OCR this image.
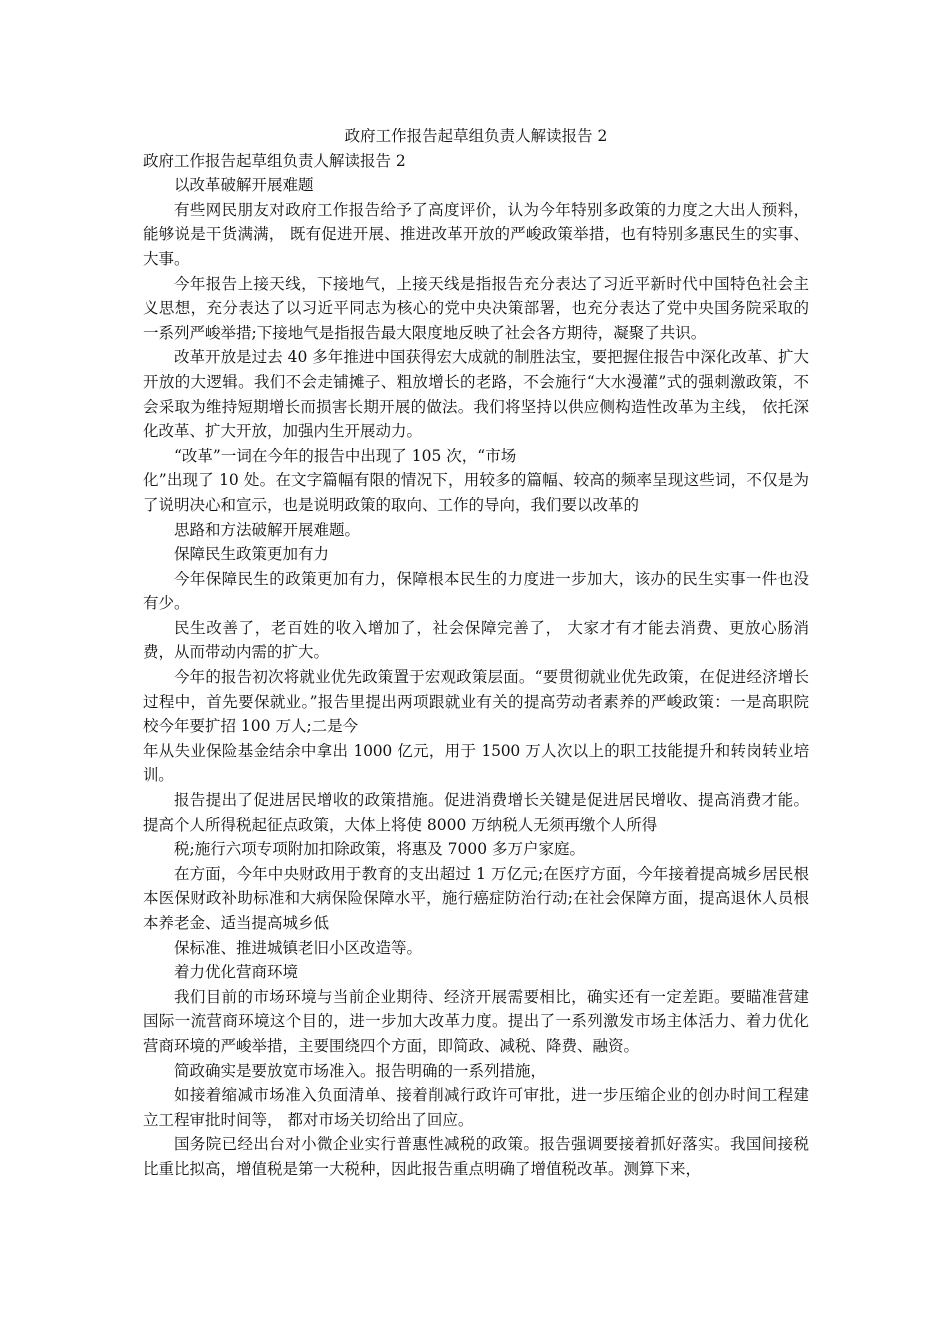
政府工作报告起草组负责人解读报告 2

政府工作报告起草组负责人解读报告 2

以改革破解开展难题

有些网民朋友对政府工作报告给予了高度评价，认为今年特别多政策的力度之大出人预料，能够说是干货满满， 既有促进开展、推进改革开放的严峻政策举措，也有特别多惠民生的实事、大事。

今年报告上接天线，下接地气，上接天线是指报告充分表达了习近平新时代中国特色社会主义思想，充分表达了以习近平同志为核心的党中央决策部署，也充分表达了党中央国务院采取的一系列严峻举措;下接地气是指报告最大限度地反映了社会各方期待，凝聚了共识。

改革开放是过去 40 多年推进中国获得宏大成就的制胜法宝，要把握住报告中深化改革、扩大开放的大逻辑。我们不会走铺摊子、粗放增长的老路，不会施行“大水漫灌”式的强刺激政策，不会采取为维持短期增长而损害长期开展的做法。我们将坚持以供应侧构造性改革为主线， 依托深化改革、扩大开放，加强内生开展动力。

“改革”一词在今年的报告中出现了 105 次，“市场

化”出现了 10 处。在文字篇幅有限的情况下，用较多的篇幅、较高的频率呈现这些词，不仅是为了说明决心和宣示，也是说明政策的取向、工作的导向，我们要以改革的

思路和方法破解开展难题。

保障民生政策更加有力

今年保障民生的政策更加有力，保障根本民生的力度进一步加大，该办的民生实事一件也没有少。

民生改善了，老百姓的收入增加了，社会保障完善了， 大家才有才能去消费、更放心肠消费，从而带动内需的扩大。

今年的报告初次将就业优先政策置于宏观政策层面。“要贯彻就业优先政策，在促进经济增长过程中，首先要保就业。”报告里提出两项跟就业有关的提高劳动者素养的严峻政策：一是高职院校今年要扩招 100 万人;二是今

年从失业保险基金结余中拿出 1000 亿元，用于 1500 万人次以上的职工技能提升和转岗转业培训。

报告提出了促进居民增收的政策措施。促进消费增长关键是促进居民增收、提高消费才能。提高个人所得税起征点政策，大体上将使 8000 万纳税人无须再缴个人所得

税;施行六项专项附加扣除政策，将惠及 7000 多万户家庭。

在方面，今年中央财政用于教育的支出超过 1 万亿元;在医疗方面，今年接着提高城乡居民根本医保财政补助标准和大病保险保障水平，施行癌症防治行动;在社会保障方面，提高退休人员根本养老金、适当提高城乡低

保标准、推进城镇老旧小区改造等。

着力优化营商环境

我们目前的市场环境与当前企业期待、经济开展需要相比，确实还有一定差距。要瞄准营建国际一流营商环境这个目的，进一步加大改革力度。提出了一系列激发市场主体活力、着力优化营商环境的严峻举措，主要围绕四个方面，即简政、减税、降费、融资。

简政确实是要放宽市场准入。报告明确的一系列措施，

如接着缩减市场准入负面清单、接着削减行政许可审批，进一步压缩企业的创办时间工程建立工程审批时间等， 都对市场关切给出了回应。

国务院已经出台对小微企业实行普惠性减税的政策。报告强调要接着抓好落实。我国间接税比重比拟高，增值税是第一大税种，因此报告重点明确了增值税改革。测算下来，
